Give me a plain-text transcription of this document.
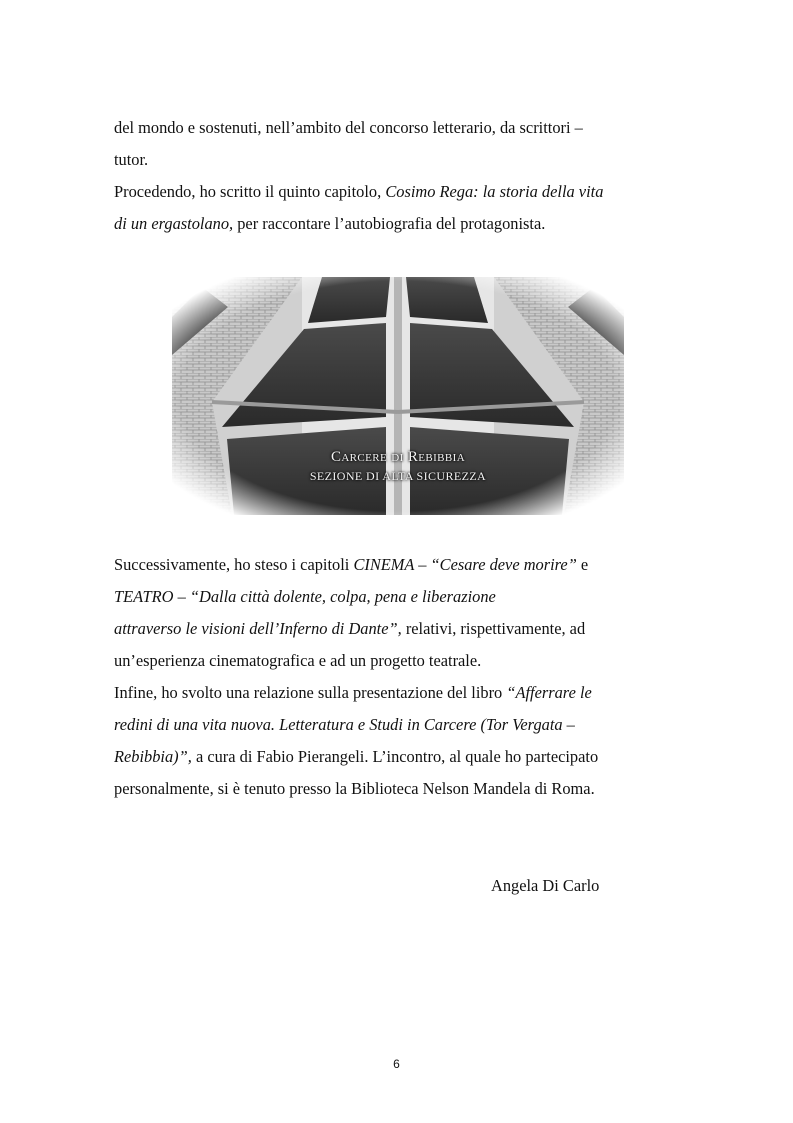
del mondo e sostenuti, nell’ambito del concorso letterario, da scrittori –
tutor.
Procedendo, ho scritto il quinto capitolo, Cosimo Rega: la storia della vita
di un ergastolano, per raccontare l’autobiografia del protagonista.
Carcere di Rebibbia
SEZIONE DI ALTA SICUREZZA
Successivamente, ho steso i capitoli CINEMA – “Cesare deve morire” e
TEATRO – “Dalla città dolente, colpa, pena e liberazione
attraverso le visioni dell’Inferno di Dante”, relativi, rispettivamente, ad
un’esperienza cinematografica e ad un progetto teatrale.
Infine, ho svolto una relazione sulla presentazione del libro “Afferrare le
redini di una vita nuova. Letteratura e Studi in Carcere (Tor Vergata –
Rebibbia)”, a cura di Fabio Pierangeli. L’incontro, al quale ho partecipato
personalmente, si è tenuto presso la Biblioteca Nelson Mandela di Roma.
Angela Di Carlo
6
